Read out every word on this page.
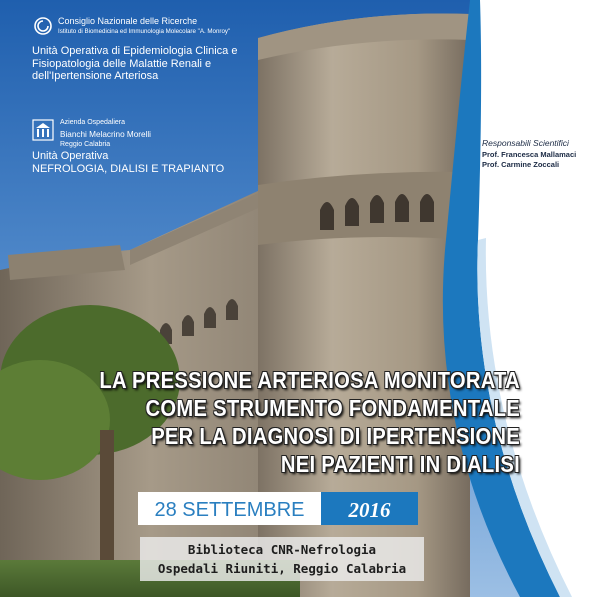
Consiglio Nazionale delle Ricerche
Istituto di Biomedicina ed Immunologia Molecolare "A. Monroy"
Unità Operativa di Epidemiologia Clinica e
Fisiopatologia delle Malattie Renali e
dell'Ipertensione Arteriosa
Azienda Ospedaliera
Bianchi Melacrino Morelli
Reggio Calabria
Unità Operativa
NEFROLOGIA, DIALISI E TRAPIANTO
Responsabili Scientifici
Prof. Francesca Mallamaci
Prof. Carmine Zoccali
LA PRESSIONE ARTERIOSA MONITORATA
COME STRUMENTO FONDAMENTALE
PER LA DIAGNOSI DI IPERTENSIONE
NEI PAZIENTI IN DIALISI
28 SETTEMBRE	2016
Biblioteca CNR-Nefrologia
Ospedali Riuniti, Reggio Calabria
